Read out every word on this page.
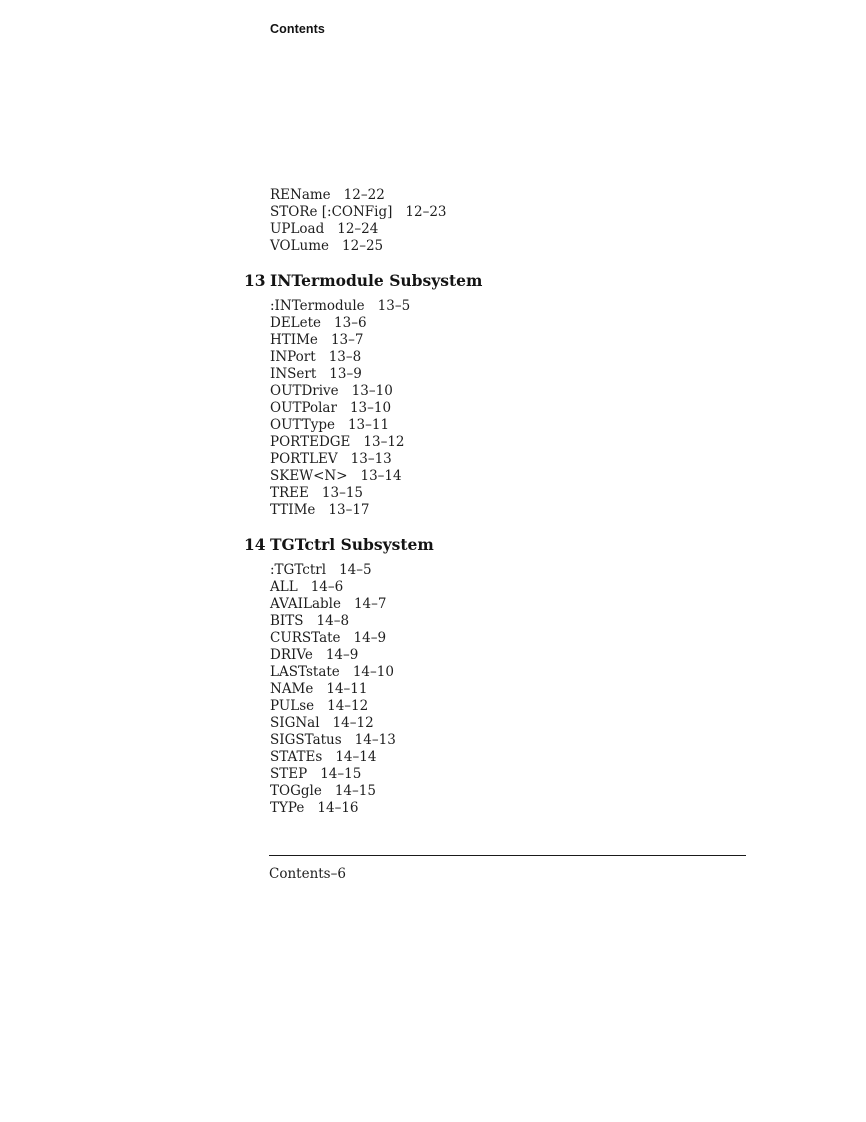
Contents
REName 12–22
STORe [:CONFig] 12–23
UPLoad 12–24
VOLume 12–25
13 INTermodule Subsystem
:INTermodule 13–5
DELete 13–6
HTIMe 13–7
INPort 13–8
INSert 13–9
OUTDrive 13–10
OUTPolar 13–10
OUTType 13–11
PORTEDGE 13–12
PORTLEV 13–13
SKEW<N> 13–14
TREE 13–15
TTIMe 13–17
14 TGTctrl Subsystem
:TGTctrl 14–5
ALL 14–6
AVAILable 14–7
BITS 14–8
CURSTate 14–9
DRIVe 14–9
LASTstate 14–10
NAMe 14–11
PULse 14–12
SIGNal 14–12
SIGSTatus 14–13
STATEs 14–14
STEP 14–15
TOGgle 14–15
TYPe 14–16
Contents–6
